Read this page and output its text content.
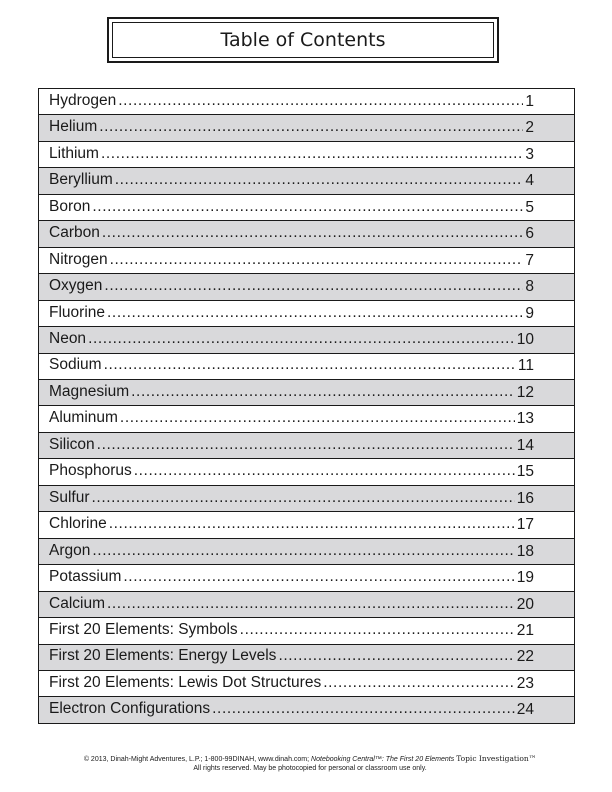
Table of Contents
Hydrogen .....	1
Helium .....	2
Lithium .....	3
Beryllium .....	4
Boron .....	5
Carbon .....	6
Nitrogen .....	7
Oxygen .....	8
Fluorine .....	9
Neon .....	10
Sodium .....	11
Magnesium .....	12
Aluminum .....	13
Silicon .....	14
Phosphorus .....	15
Sulfur .....	16
Chlorine .....	17
Argon .....	18
Potassium .....	19
Calcium .....	20
First 20 Elements: Symbols .....	21
First 20 Elements: Energy Levels .....	22
First 20 Elements: Lewis Dot Structures .....	23
Electron Configurations .....	24
© 2013, Dinah-Might Adventures, L.P.; 1-800-99DINAH, www.dinah.com; Notebooking Central™: The First 20 Elements Topic Investigation™
All rights reserved. May be photocopied for personal or classroom use only.
